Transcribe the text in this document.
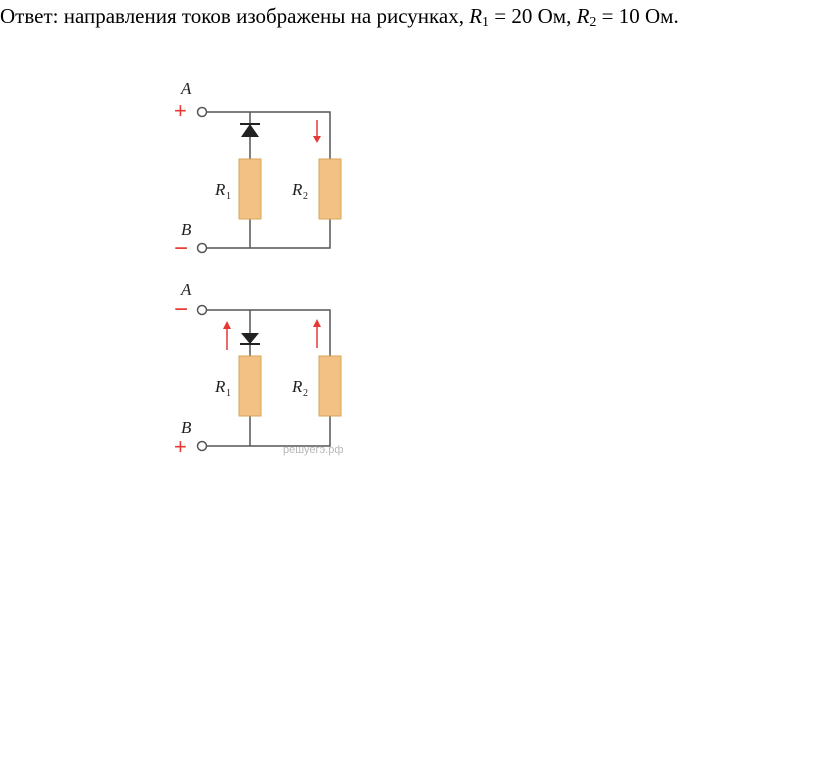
Ответ: направления токов изображены на рисунках, $R_1 = 20$ Ом, $R_2 = 10$ Ом.
A
+
B
−
R 1	R 2
A
−
B
+
R 1	R 2
решуегэ.рф
